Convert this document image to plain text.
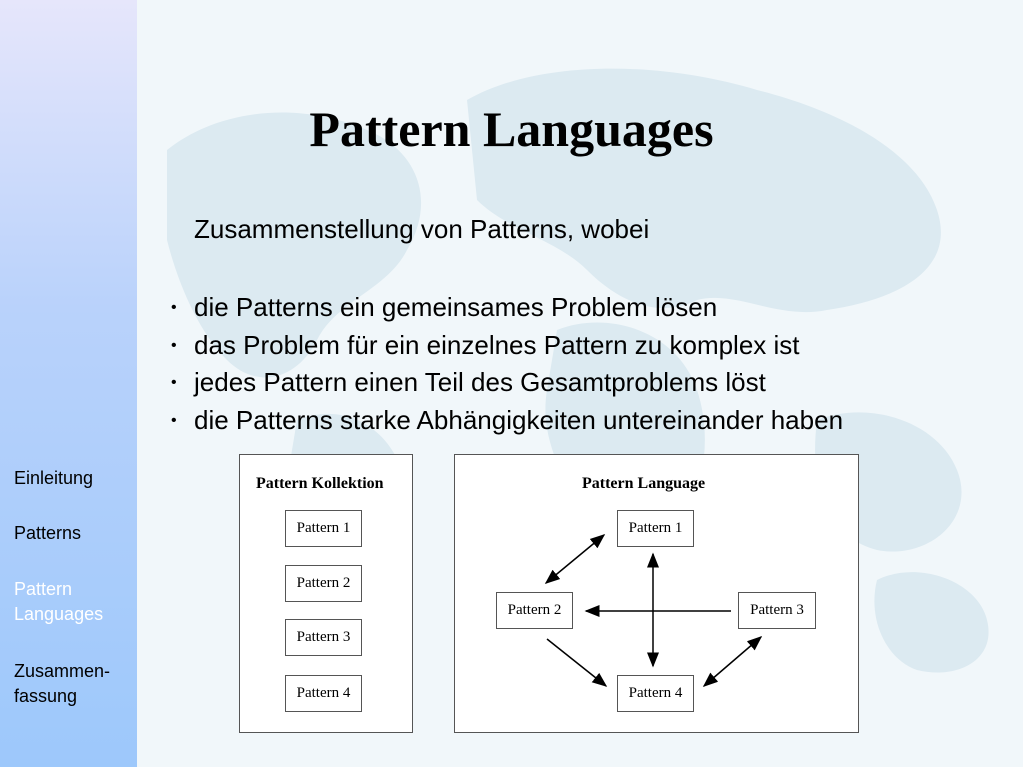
Einleitung
Patterns
Pattern Languages
Zusammen-fassung
Pattern Languages
Zusammenstellung von Patterns, wobei
• die Patterns ein gemeinsames Problem lösen
• das Problem für ein einzelnes Pattern zu komplex ist
• jedes Pattern einen Teil des Gesamtproblems löst
• die Patterns starke Abhängigkeiten untereinander haben
Pattern Kollektion
Pattern 1
Pattern 2
Pattern 3
Pattern 4
Pattern Language
Pattern 1
Pattern 2	Pattern 3
Pattern 4
